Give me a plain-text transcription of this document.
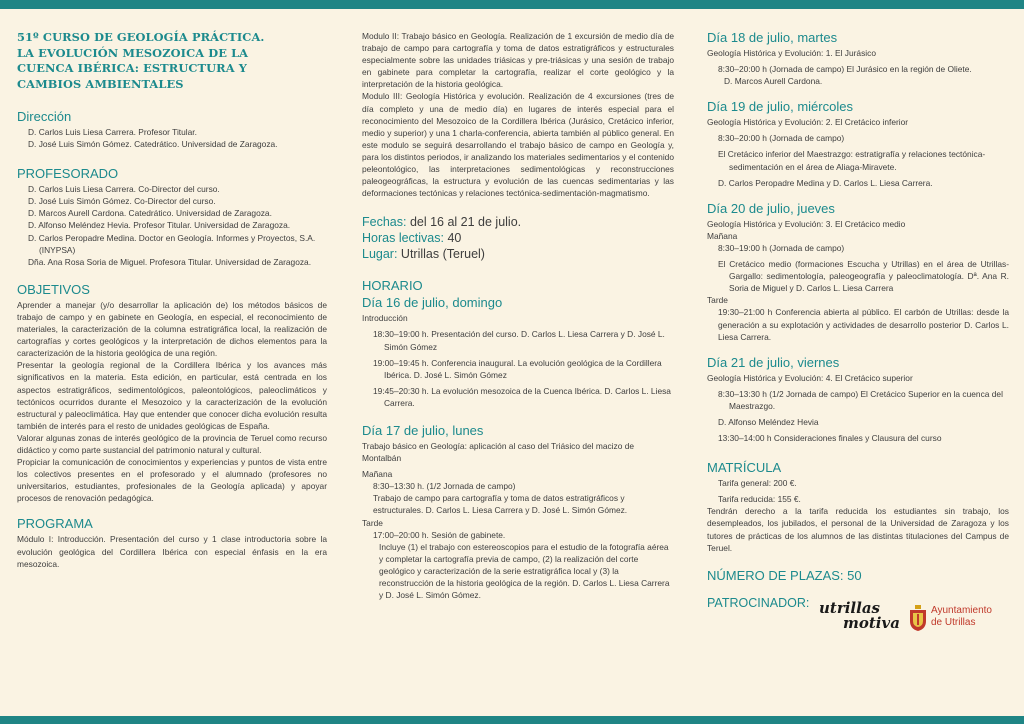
51º CURSO DE GEOLOGÍA PRÁCTICA.
LA EVOLUCIÓN MESOZOICA DE LA
CUENCA IBÉRICA: ESTRUCTURA Y
CAMBIOS AMBIENTALES
Dirección

D. Carlos Luis Liesa Carrera. Profesor Titular.

D. José Luis Simón Gómez. Catedrático. Universidad de Zaragoza.

PROFESORADO

D. Carlos Luis Liesa Carrera. Co-Director del curso.

D. José Luis Simón Gómez. Co-Director del curso.

D. Marcos Aurell Cardona. Catedrático. Universidad de Zaragoza.

D. Alfonso Meléndez Hevia. Profesor Titular. Universidad de Zaragoza.

D. Carlos Peropadre Medina. Doctor en Geología. Informes y Proyectos, S.A. (INYPSA)

Dña. Ana Rosa Soria de Miguel. Profesora Titular. Universidad de Zaragoza.

OBJETIVOS

Aprender a manejar (y/o desarrollar la aplicación de) los métodos básicos de trabajo de campo y en gabinete en Geología, en especial, el reconocimiento de materiales, la caracterización de la columna estratigráfica local, la realización de cartografías y cortes geológicos y la interpretación de dichos elementos para la caracterización de la historia geológica de una región.

Presentar la geología regional de la Cordillera Ibérica y los avances más significativos en la materia. Esta edición, en particular, está centrada en los aspectos estratigráficos, sedimentológicos, paleontológicos, paleoclimáticos y tectónicos ocurridos durante el Mesozoico y la caracterización de la evolución estructural y paleoclimática. Hay que entender que conocer dicha evolución resulta también de interés para el resto de unidades geológicas de España.

Valorar algunas zonas de interés geológico de la provincia de Teruel como recurso didáctico y como parte sustancial del patrimonio natural y cultural.

Propiciar la comunicación de conocimientos y experiencias y puntos de vista entre los colectivos presentes en el profesorado y el alumnado (profesores no universitarios, estudiantes, profesionales de la Geología aplicada) y apoyar procesos de renovación pedagógica.

PROGRAMA

Módulo I: Introducción. Presentación del curso y 1 clase introductoria sobre la evolución geológica del Cordillera Ibérica con especial énfasis en la era mesozoica.

Modulo II: Trabajo básico en Geología. Realización de 1 excursión de medio día de trabajo de campo para cartografía y toma de datos estratigráficos y estructurales especialmente sobre las unidades triásicas y pre-triásicas y una sesión de trabajo en gabinete para completar la cartografía, realizar el corte geológico y la interpretación de la historia geológica.

Modulo III: Geología Histórica y evolución. Realización de 4 excursiones (tres de día completo y una de medio día) en lugares de interés especial para el reconocimiento del Mesozoico de la Cordillera Ibérica (Jurásico, Cretácico inferior, medio y superior) y una 1 charla-conferencia, abierta también al público general. En este modulo se seguirá desarrollando el trabajo básico de campo en Geología y, para los distintos periodos, ir analizando los materiales sedimentarios y el contenido peleontológico, las interpretaciones sedimentológicas y reconstrucciones paleogeográficas, la estructura y evolución de las cuencas sedimentarias y las deformaciones tectónicas y relaciones tectónica-sedimentación-magmatismo.

Fechas: del 16 al 21 de julio.

Horas lectivas: 40

Lugar: Utrillas (Teruel)

HORARIO
Día 16 de julio, domingo

Introducción

18:30–19:00 h. Presentación del curso. D. Carlos L. Liesa Carrera y D. José L. Simón Gómez

19:00–19:45 h. Conferencia inaugural. La evolución geológica de la Cordillera Ibérica. D. José L. Simón Gómez

19:45–20:30 h. La evolución mesozoica de la Cuenca Ibérica. D. Carlos L. Liesa Carrera.

Día 17 de julio, lunes

Trabajo básico en Geología: aplicación al caso del Triásico del macizo de Montalbán

Mañana

8:30–13:30 h. (1/2 Jornada de campo)

Trabajo de campo para cartografía y toma de datos estratigráficos y estructurales. D. Carlos L. Liesa Carrera y D. José L. Simón Gómez.

Tarde

17:00–20:00 h. Sesión de gabinete.

Incluye (1) el trabajo con estereoscopios para el estudio de la fotografía aérea y completar la cartografía previa de campo, (2) la realización del corte geológico y caracterización de la serie estratigráfica local y (3) la reconstrucción de la historia geológica de la región. D. Carlos L. Liesa Carrera y D. José L. Simón Gómez.

Día 18 de julio, martes

Geología Histórica y Evolución: 1. El Jurásico

8:30–20:00 h (Jornada de campo) El Jurásico en la región de Oliete.

D. Marcos Aurell Cardona.

Día 19 de julio, miércoles

Geología Histórica y Evolución: 2. El Cretácico inferior

8:30–20:00 h (Jornada de campo)

El Cretácico inferior del Maestrazgo: estratigrafía y relaciones tectónica-sedimentación en el área de Aliaga-Miravete.

D. Carlos Peropadre Medina y D. Carlos L. Liesa Carrera.

Día 20 de julio, jueves

Geología Histórica y Evolución: 3. El Cretácico medio

Mañana

8:30–19:00 h (Jornada de campo)

El Cretácico medio (formaciones Escucha y Utrillas) en el área de Utrillas-Gargallo: sedimentología, paleogeografía y paleoclimatología. Dª. Ana R. Soria de Miguel y D. Carlos L. Liesa Carrera

Tarde

19:30–21:00 h Conferencia abierta al público. El carbón de Utrillas: desde la generación a su explotación y actividades de desarrollo posterior D. Carlos L. Liesa Carrera.

Día 21 de julio, viernes

Geología Histórica y Evolución: 4. El Cretácico superior

8:30–13:30 h (1/2 Jornada de campo) El Cretácico Superior en la cuenca del Maestrazgo.

D. Alfonso Meléndez Hevia

13:30–14:00 h Consideraciones finales y Clausura del curso

MATRÍCULA

Tarifa general: 200 €.

Tarifa reducida: 155 €.

Tendrán derecho a la tarifa reducida los estudiantes sin trabajo, los desempleados, los jubilados, el personal de la Universidad de Zaragoza y los tutores de prácticas de los alumnos de las distintas titulaciones del Campus de Teruel.

NÚMERO DE PLAZAS: 50
PATROCINADOR: utrillas
motiva
Ayuntamiento
de Utrillas
